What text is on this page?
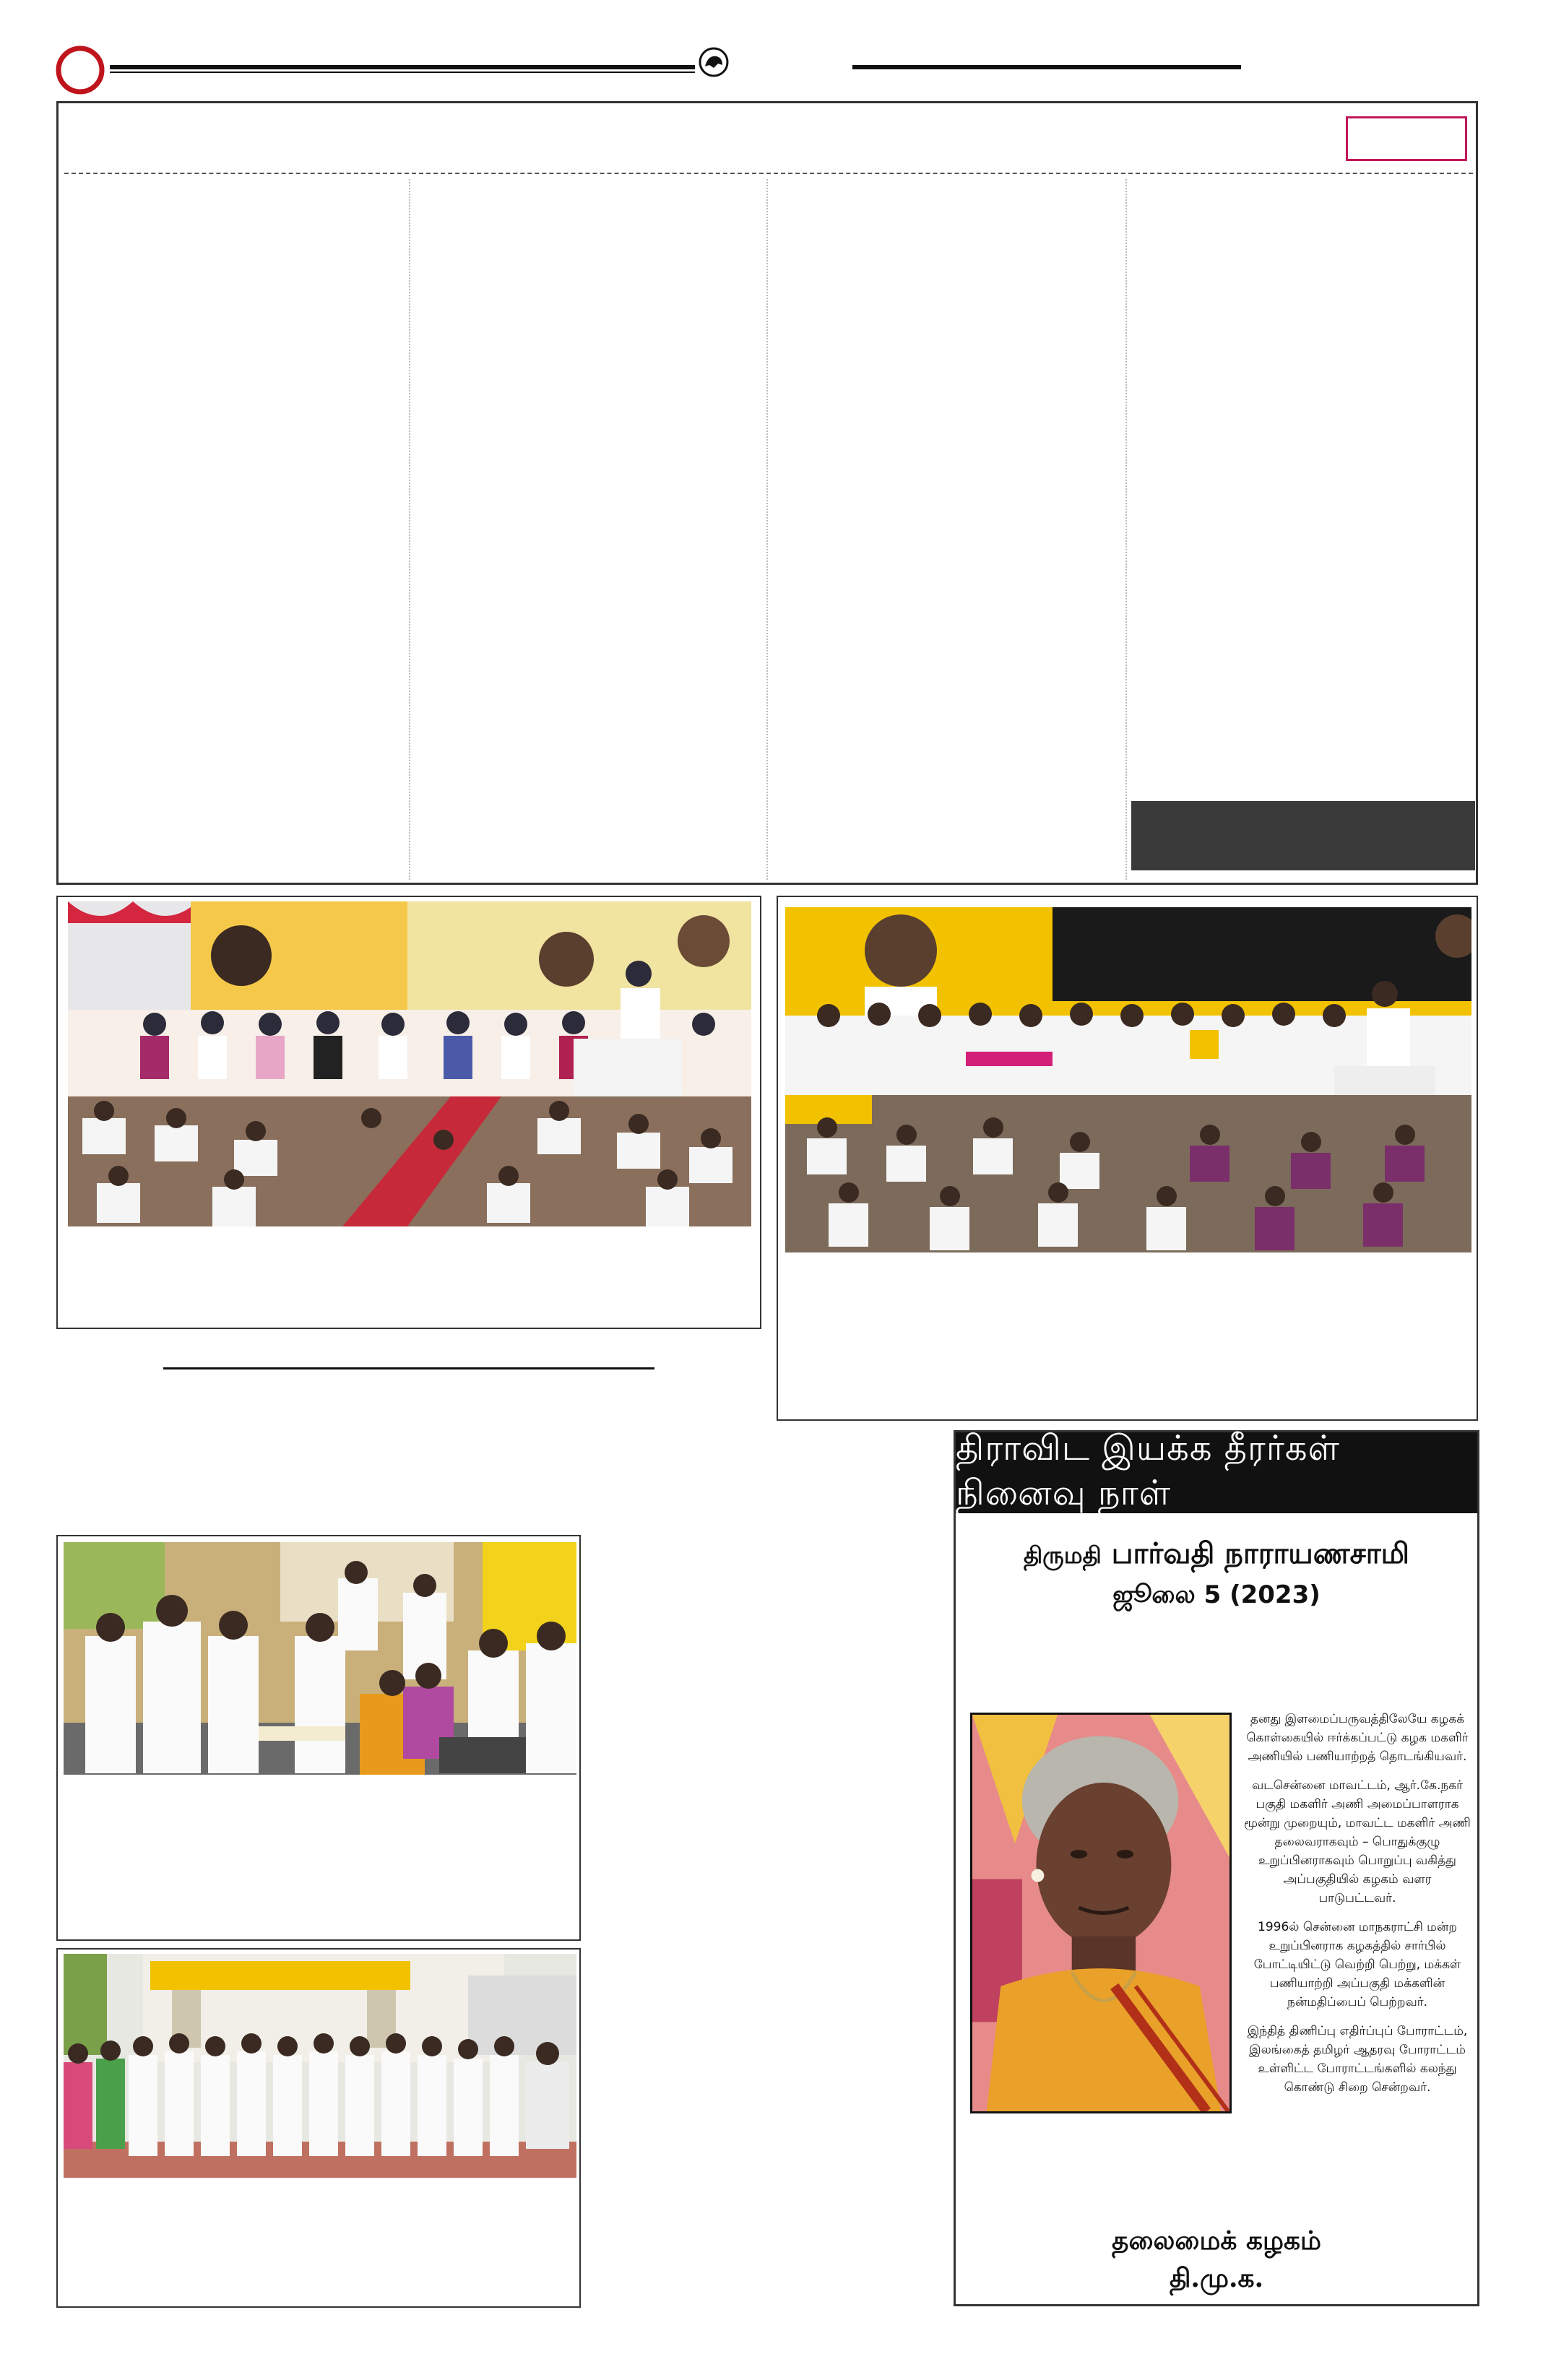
திராவிட இயக்க தீரர்கள் நினைவு நாள்
திருமதி பார்வதி நாராயணசாமி
ஜூலை 5 (2023)

தனது இளமைப்பருவத்திலேயே கழகக் கொள்கையில் ஈர்க்கப்பட்டு கழக மகளிர் அணியில் பணியாற்றத் தொடங்கியவர்.

வடசென்னை மாவட்டம், ஆர்.கே.நகர் பகுதி மகளிர் அணி அமைப்பாளராக மூன்று முறையும், மாவட்ட மகளிர் அணி தலைவராகவும் – பொதுக்குழு உறுப்பினராகவும் பொறுப்பு வகித்து அப்பகுதியில் கழகம் வளர பாடுபட்டவர்.

1996ல் சென்னை மாநகராட்சி மன்ற உறுப்பினராக கழகத்தில் சார்பில் போட்டியிட்டு வெற்றி பெற்று, மக்கள் பணியாற்றி அப்பகுதி மக்களின் நன்மதிப்பைப் பெற்றவர்.

இந்தித் திணிப்பு எதிர்ப்புப் போராட்டம், இலங்கைத் தமிழர் ஆதரவு போராட்டம் உள்ளிட்ட போராட்டங்களில் கலந்து கொண்டு சிறை சென்றவர்.

தலைமைக் கழகம்
தி.மு.க.
